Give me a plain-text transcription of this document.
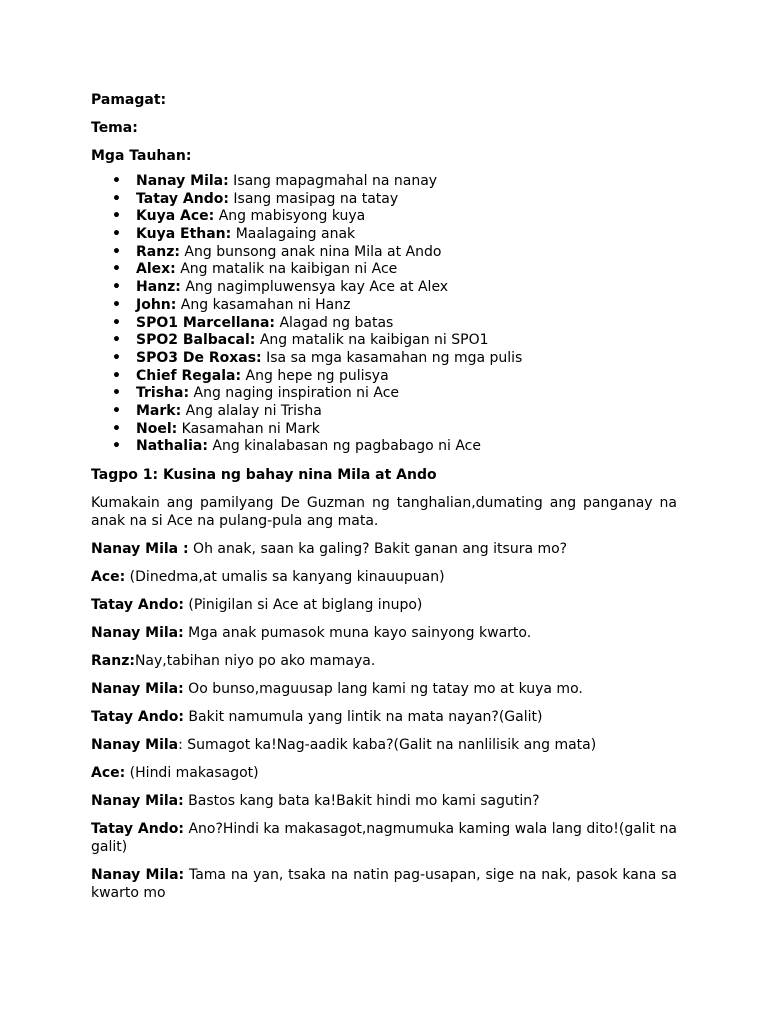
Pamagat:

Tema:

Mga Tauhan:

• Nanay Mila: Isang mapagmahal na nanay
• Tatay Ando: Isang masipag na tatay
• Kuya Ace: Ang mabisyong kuya
• Kuya Ethan: Maalagaing anak
• Ranz: Ang bunsong anak nina Mila at Ando
• Alex: Ang matalik na kaibigan ni Ace
• Hanz: Ang nagimpluwensya kay Ace at Alex
• John: Ang kasamahan ni Hanz
• SPO1 Marcellana: Alagad ng batas
• SPO2 Balbacal: Ang matalik na kaibigan ni SPO1
• SPO3 De Roxas: Isa sa mga kasamahan ng mga pulis
• Chief Regala: Ang hepe ng pulisya
• Trisha: Ang naging inspiration ni Ace
• Mark: Ang alalay ni Trisha
• Noel: Kasamahan ni Mark
• Nathalia: Ang kinalabasan ng pagbabago ni Ace

Tagpo 1: Kusina ng bahay nina Mila at Ando

Kumakain ang pamilyang De Guzman ng tanghalian,dumating ang panganay na anak na si Ace na pulang-pula ang mata.

Nanay Mila : Oh anak, saan ka galing? Bakit ganan ang itsura mo?

Ace: (Dinedma,at umalis sa kanyang kinauupuan)

Tatay Ando: (Pinigilan si Ace at biglang inupo)

Nanay Mila: Mga anak pumasok muna kayo sainyong kwarto.

Ranz:Nay,tabihan niyo po ako mamaya.

Nanay Mila: Oo bunso,maguusap lang kami ng tatay mo at kuya mo.

Tatay Ando: Bakit namumula yang lintik na mata nayan?(Galit)

Nanay Mila: Sumagot ka!Nag-aadik kaba?(Galit na nanlilisik ang mata)

Ace: (Hindi makasagot)

Nanay Mila: Bastos kang bata ka!Bakit hindi mo kami sagutin?

Tatay Ando: Ano?Hindi ka makasagot,nagmumuka kaming wala lang dito!(galit na galit)

Nanay Mila: Tama na yan, tsaka na natin pag-usapan, sige na nak, pasok kana sa kwarto mo
